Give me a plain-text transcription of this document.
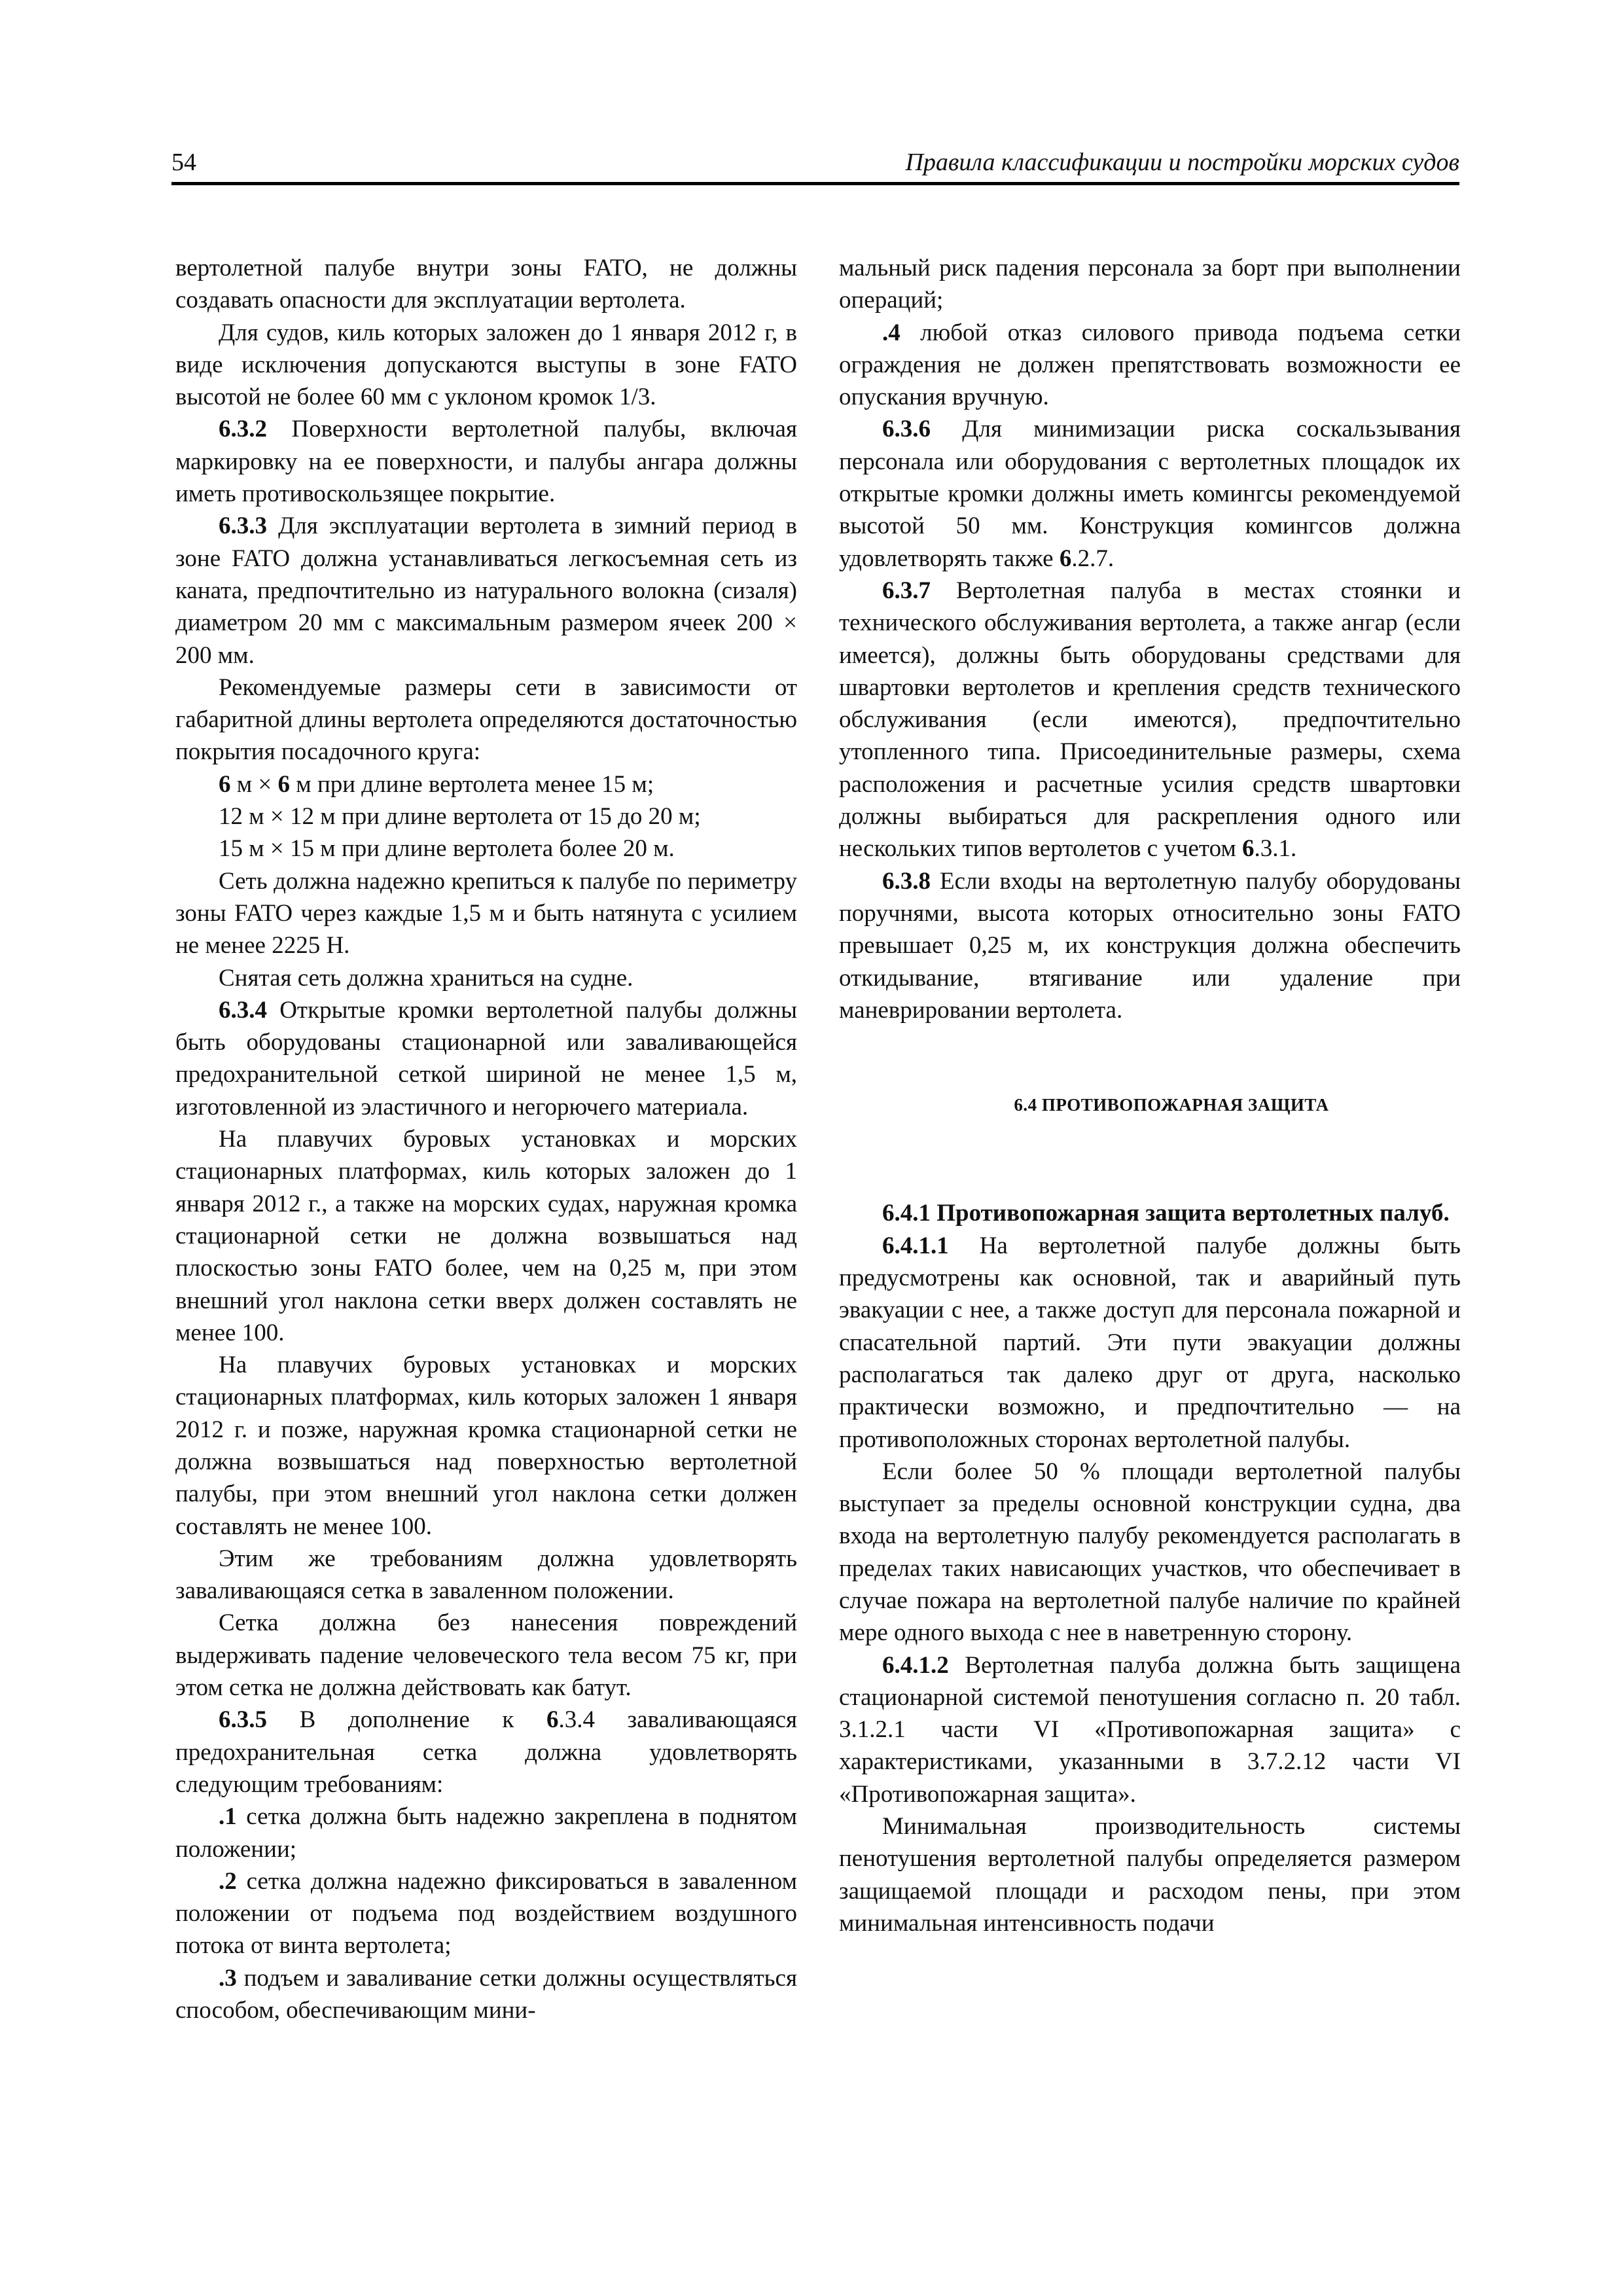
54	Правила классификации и постройки морских судов

вертолетной палубе внутри зоны FATO, не должны создавать опасности для эксплуатации вертолета.

Для судов, киль которых заложен до 1 января 2012 г, в виде исключения допускаются выступы в зоне FATO высотой не более 60 мм с уклоном кромок 1/3.

6.3.2 Поверхности вертолетной палубы, включая маркировку на ее поверхности, и палубы ангара должны иметь противоскользящее покрытие.

6.3.3 Для эксплуатации вертолета в зимний период в зоне FATO должна устанавливаться легкосъемная сеть из каната, предпочтительно из натурального волокна (сизаля) диаметром 20 мм с максимальным размером ячеек 200 × 200 мм.

Рекомендуемые размеры сети в зависимости от габаритной длины вертолета определяются достаточностью покрытия посадочного круга:

6 м × 6 м при длине вертолета менее 15 м;

12 м × 12 м при длине вертолета от 15 до 20 м;

15 м × 15 м при длине вертолета более 20 м.

Сеть должна надежно крепиться к палубе по периметру зоны FATO через каждые 1,5 м и быть натянута с усилием не менее 2225 Н.

Снятая сеть должна храниться на судне.

6.3.4 Открытые кромки вертолетной палубы должны быть оборудованы стационарной или заваливающейся предохранительной сеткой шириной не менее 1,5 м, изготовленной из эластичного и негорючего материала.

На плавучих буровых установках и морских стационарных платформах, киль которых заложен до 1 января 2012 г., а также на морских судах, наружная кромка стационарной сетки не должна возвышаться над плоскостью зоны FATO более, чем на 0,25 м, при этом внешний угол наклона сетки вверх должен составлять не менее 100.

На плавучих буровых установках и морских стационарных платформах, киль которых заложен 1 января 2012 г. и позже, наружная кромка стационарной сетки не должна возвышаться над поверхностью вертолетной палубы, при этом внешний угол наклона сетки должен составлять не менее 100.

Этим же требованиям должна удовлетворять заваливающаяся сетка в заваленном положении.

Сетка должна без нанесения повреждений выдерживать падение человеческого тела весом 75 кг, при этом сетка не должна действовать как батут.

6.3.5 В дополнение к 6.3.4 заваливающаяся предохранительная сетка должна удовлетворять следующим требованиям:

.1 сетка должна быть надежно закреплена в поднятом положении;

.2 сетка должна надежно фиксироваться в заваленном положении от подъема под воздействием воздушного потока от винта вертолета;

.3 подъем и заваливание сетки должны осуществляться способом, обеспечивающим мини-

мальный риск падения персонала за борт при выполнении операций;

.4 любой отказ силового привода подъема сетки ограждения не должен препятствовать возможности ее опускания вручную.

6.3.6 Для минимизации риска соскальзывания персонала или оборудования с вертолетных площадок их открытые кромки должны иметь комингсы рекомендуемой высотой 50 мм. Конструкция комингсов должна удовлетворять также 6.2.7.

6.3.7 Вертолетная палуба в местах стоянки и технического обслуживания вертолета, а также ангар (если имеется), должны быть оборудованы средствами для швартовки вертолетов и крепления средств технического обслуживания (если имеются), предпочтительно утопленного типа. Присоединительные размеры, схема расположения и расчетные усилия средств швартовки должны выбираться для раскрепления одного или нескольких типов вертолетов с учетом 6.3.1.

6.3.8 Если входы на вертолетную палубу оборудованы поручнями, высота которых относительно зоны FATO превышает 0,25 м, их конструкция должна обеспечить откидывание, втягивание или удаление при маневрировании вертолета.

6.4 ПРОТИВОПОЖАРНАЯ ЗАЩИТА

6.4.1 Противопожарная защита вертолетных палуб.

6.4.1.1 На вертолетной палубе должны быть предусмотрены как основной, так и аварийный путь эвакуации с нее, а также доступ для персонала пожарной и спасательной партий. Эти пути эвакуации должны располагаться так далеко друг от друга, насколько практически возможно, и предпочтительно — на противоположных сторонах вертолетной палубы.

Если более 50 % площади вертолетной палубы выступает за пределы основной конструкции судна, два входа на вертолетную палубу рекомендуется располагать в пределах таких нависающих участков, что обеспечивает в случае пожара на вертолетной палубе наличие по крайней мере одного выхода с нее в наветренную сторону.

6.4.1.2 Вертолетная палуба должна быть защищена стационарной системой пенотушения согласно п. 20 табл. 3.1.2.1 части VI «Противопожарная защита» с характеристиками, указанными в 3.7.2.12 части VI «Противопожарная защита».

Минимальная производительность системы пенотушения вертолетной палубы определяется размером защищаемой площади и расходом пены, при этом минимальная интенсивность подачи
